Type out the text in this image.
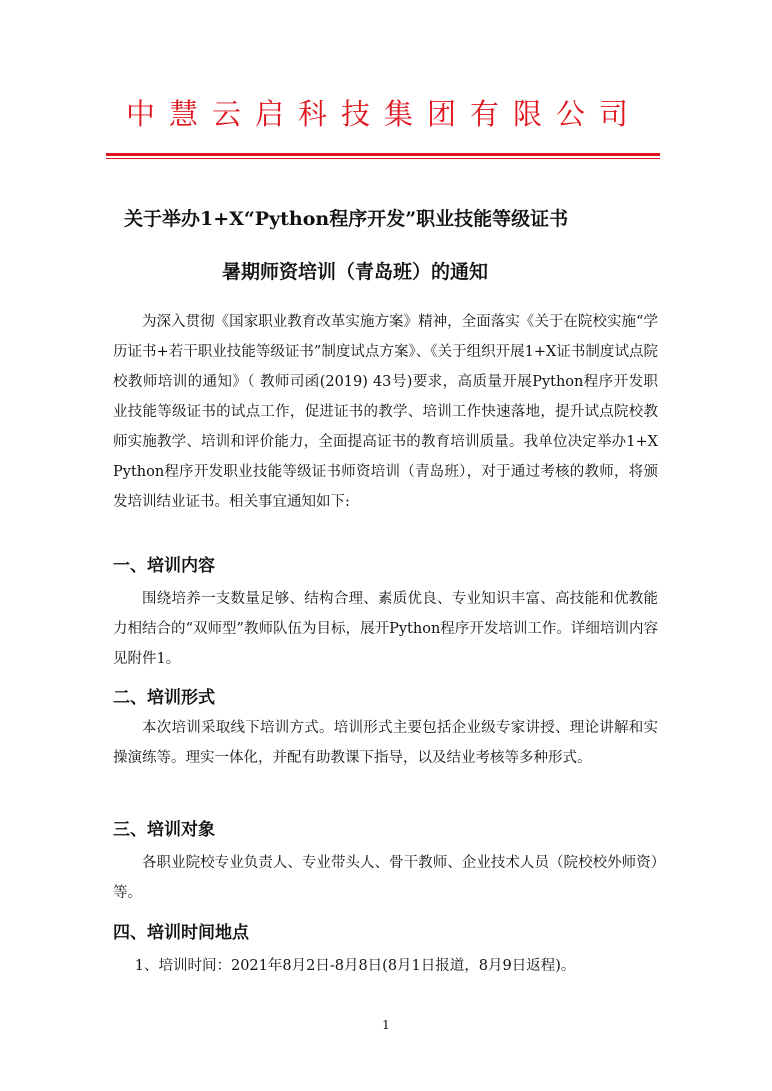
中慧云启科技集团有限公司
关于举办1+X“Python程序开发”职业技能等级证书
暑期师资培训（青岛班）的通知

为深入贯彻《国家职业教育改革实施方案》精神，全面落实《关于在院校实施“学历证书+若干职业技能等级证书”制度试点方案》、《关于组织开展1+X证书制度试点院校教师培训的通知》（ 教师司函(2019) 43号)要求，高质量开展Python程序开发职业技能等级证书的试点工作，促进证书的教学、培训工作快速落地，提升试点院校教师实施教学、培训和评价能力，全面提高证书的教育培训质量。我单位决定举办1+X Python程序开发职业技能等级证书师资培训（青岛班），对于通过考核的教师，将颁发培训结业证书。相关事宜通知如下:

一、培训内容

围绕培养一支数量足够、结构合理、素质优良、专业知识丰富、高技能和优教能力相结合的“双师型”教师队伍为目标，展开Python程序开发培训工作。详细培训内容见附件1。

二、培训形式

本次培训采取线下培训方式。培训形式主要包括企业级专家讲授、理论讲解和实操演练等。理实一体化，并配有助教课下指导，以及结业考核等多种形式。

三、培训对象

各职业院校专业负责人、专业带头人、骨干教师、企业技术人员（院校校外师资）等。

四、培训时间地点

1、培训时间：2021年8月2日-8月8日(8月1日报道，8月9日返程)。

1
